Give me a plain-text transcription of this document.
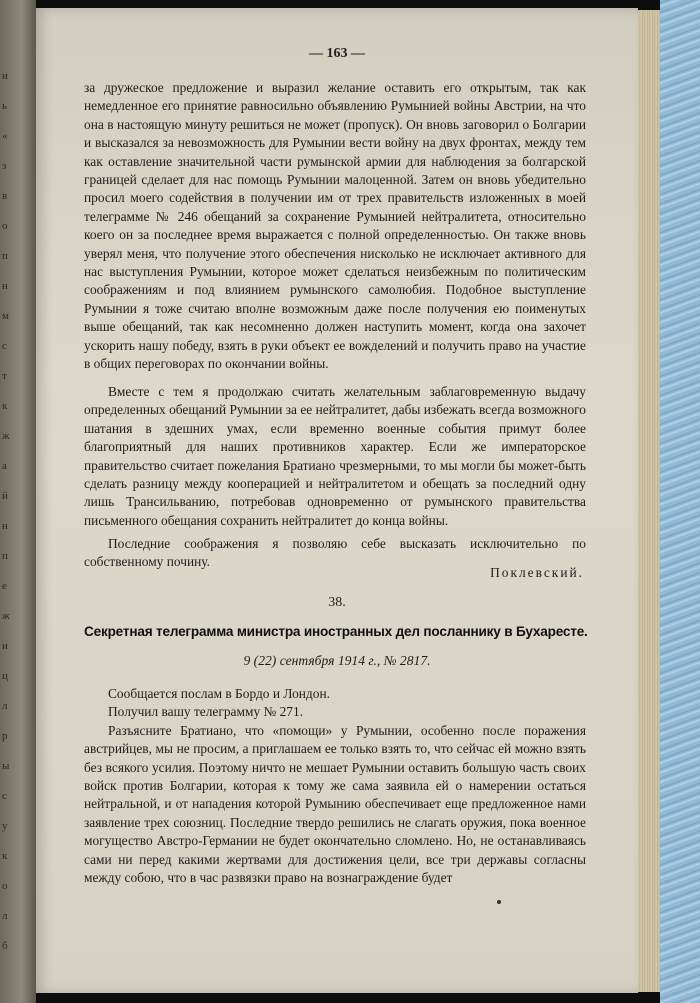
и
ь
«
з
в
о
п
н
м
с
т
к
ж
а
й
н
п
е
ж
и
ц
л
р
ы
с
у
к
о
л
б
— 163 —

за дружеское предложение и выразил желание оставить его открытым, так как немедленное его принятие равносильно объявлению Румынией войны Австрии, на что она в настоящую минуту решиться не может (пропуск). Он вновь заговорил о Болгарии и высказался за невозможность для Румынии вести войну на двух фронтах, между тем как оставление значительной части румынской армии для наблюдения за болгарской границей сделает для нас помощь Румынии малоценной. Затем он вновь убедительно просил моего содействия в получении им от трех правительств изложенных в моей телеграмме № 246 обещаний за сохранение Румынией нейтралитета, относительно коего он за последнее время выражается с полной определенностью. Он также вновь уверял меня, что получение этого обеспечения нисколько не исключает активного для нас выступления Румынии, которое может сделаться неизбежным по политическим соображениям и под влиянием румынского самолюбия. Подобное выступление Румынии я тоже считаю вполне возможным даже после получения ею поименутых выше обещаний, так как несомненно должен наступить момент, когда она захочет ускорить нашу победу, взять в руки объект ее вожделений и получить право на участие в общих переговорах по окончании войны.

Вместе с тем я продолжаю считать желательным заблаговременную выдачу определенных обещаний Румынии за ее нейтралитет, дабы избежать всегда возможного шатания в здешних умах, если временно военные события примут более благоприятный для наших противников характер. Если же императорское правительство считает пожелания Братиано чрезмерными, то мы могли бы может-быть сделать разницу между кооперацией и нейтралитетом и обещать за последний одну лишь Трансильванию, потребовав одновременно от румынского правительства письменного обещания сохранить нейтралитет до конца войны.

Последние соображения я позволяю себе высказать исключительно по собственному почину.

Поклевский.
38.
Секретная телеграмма министра иностранных дел посланнику в Бухаресте.
9 (22) сентября 1914 г., № 2817.

Сообщается послам в Бордо и Лондон.

Получил вашу телеграмму № 271.

Разъясните Братиано, что «помощи» у Румынии, особенно после поражения австрийцев, мы не просим, а приглашаем ее только взять то, что сейчас ей можно взять без всякого усилия. Поэтому ничто не мешает Румынии оставить большую часть своих войск против Болгарии, которая к тому же сама заявила ей о намерении остаться нейтральной, и от нападения которой Румынию обеспечивает еще предложенное нами заявление трех союзниц. Последние твердо решились не слагать оружия, пока военное могущество Австро-Германии не будет окончательно сломлено. Но, не останавливаясь сами ни перед какими жертвами для достижения цели, все три державы согласны между собою, что в час развязки право на вознаграждение будет
